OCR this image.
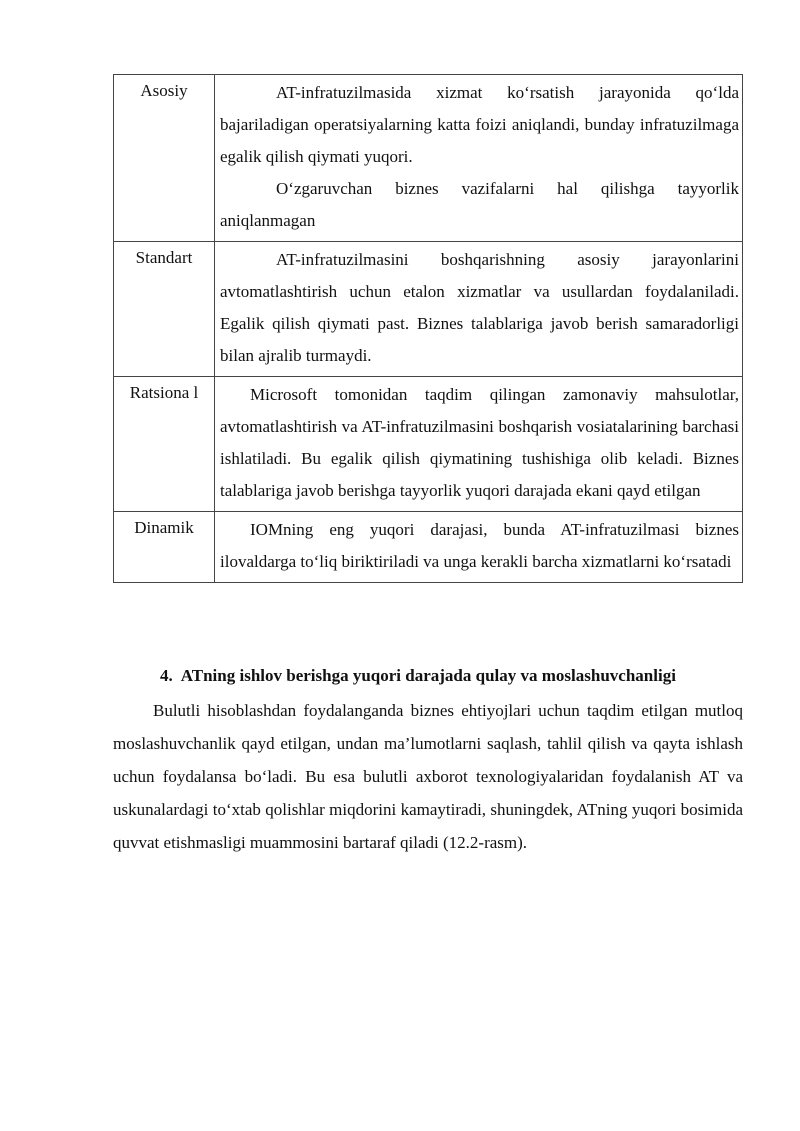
Asosiy	AT-infratuzilmasida xizmat ko‘rsatish jarayonida qo‘lda bajariladigan operatsiyalarning katta foizi aniqlandi, bunday infratuzilmaga egalik qilish qiymati yuqori.

O‘zgaruvchan biznes vazifalarni hal qilishga tayyorlik aniqlanmagan

Standart	AT-infratuzilmasini boshqarishning asosiy jarayonlarini avtomatlashtirish uchun etalon xizmatlar va usullardan foydalaniladi. Egalik qilish qiymati past. Biznes talablariga javob berish samaradorligi bilan ajralib turmaydi.

Ratsiona l	Microsoft tomonidan taqdim qilingan zamonaviy mahsulotlar, avtomatlashtirish va AT-infratuzilmasini boshqarish vosiatalarining barchasi ishlatiladi. Bu egalik qilish qiymatining tushishiga olib keladi. Biznes talablariga javob berishga tayyorlik yuqori darajada ekani qayd etilgan

Dinamik	IOMning eng yuqori darajasi, bunda AT-infratuzilmasi biznes ilovaldarga to‘liq biriktiriladi va unga kerakli barcha xizmatlarni ko‘rsatadi

4. ATning ishlov berishga yuqori darajada qulay va moslashuvchanligi

Bulutli hisoblashdan foydalanganda biznes ehtiyojlari uchun taqdim etilgan mutloq moslashuvchanlik qayd etilgan, undan ma’lumotlarni saqlash, tahlil qilish va qayta ishlash uchun foydalansa bo‘ladi. Bu esa bulutli axborot texnologiyalaridan foydalanish AT va uskunalardagi to‘xtab qolishlar miqdorini kamaytiradi, shuningdek, ATning yuqori bosimida quvvat etishmasligi muammosini bartaraf qiladi (12.2-rasm).
